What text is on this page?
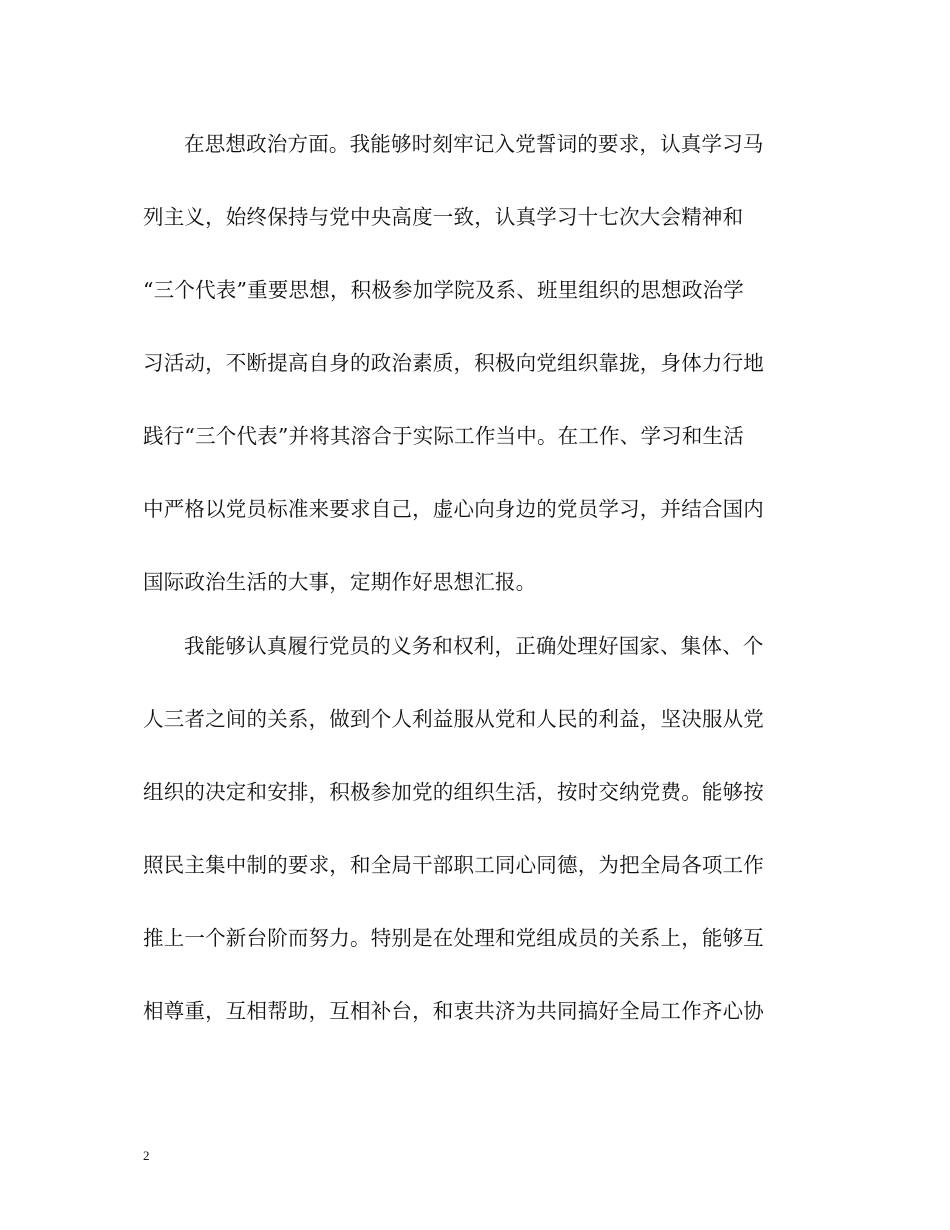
在思想政治方面。我能够时刻牢记入党誓词的要求，认真学习马
列主义，始终保持与党中央高度一致，认真学习十七次大会精神和
“三个代表”重要思想，积极参加学院及系、班里组织的思想政治学
习活动，不断提高自身的政治素质，积极向党组织靠拢，身体力行地
践行“三个代表”并将其溶合于实际工作当中。在工作、学习和生活
中严格以党员标准来要求自己，虚心向身边的党员学习，并结合国内
国际政治生活的大事，定期作好思想汇报。
我能够认真履行党员的义务和权利，正确处理好国家、集体、个
人三者之间的关系，做到个人利益服从党和人民的利益，坚决服从党
组织的决定和安排，积极参加党的组织生活，按时交纳党费。能够按
照民主集中制的要求，和全局干部职工同心同德，为把全局各项工作
推上一个新台阶而努力。特别是在处理和党组成员的关系上，能够互
相尊重，互相帮助，互相补台，和衷共济为共同搞好全局工作齐心协
2
